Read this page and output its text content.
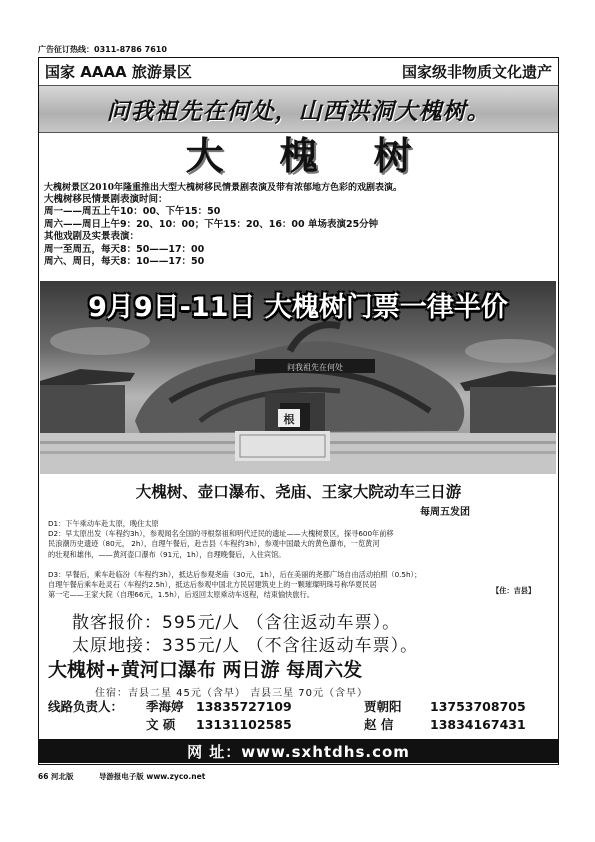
广告征订热线：0311-8786 7610
国家 AAAA 旅游景区	国家级非物质文化遗产
问我祖先在何处，山西洪洞大槐树。
大槐树
大槐树景区2010年隆重推出大型大槐树移民情景剧表演及带有浓郁地方色彩的戏剧表演。
大槐树移民情景剧表演时间：
周一——周五上午10：00、下午15：50
周六——周日上午9：20、10：00；下午15：20、16：00 单场表演25分钟
其他戏剧及实景表演：
周一至周五，每天8：50——17：00
周六、周日，每天8：10——17：50
问我祖先在何处
根
9月9日-11日 大槐树门票一律半价
大槐树、壶口瀑布、尧庙、王家大院动车三日游
每周五发团
D1：下午乘动车赴太原，晚住太原
D2：早太原出发（车程约3h），参观闻名全国的寻根祭祖和明代迁民的遗址——大槐树景区，探寻600年前移
民浪潮历史遗迹（80元， 2h），自理午餐后，赴吉县（车程约3h），参观中国最大的黄色瀑布，一览黄河
的壮观和雄伟，——黄河壶口瀑布（91元，1h），自理晚餐后，入住宾馆。
D3：早餐后，乘车赴临汾（车程约3h），抵达后参观尧庙（30元，1h），后在美丽的尧都广场自由活动拍照（0.5h）；
自理午餐后乘车赴灵石（车程约2.5h），抵达后参观中国北方民居建筑史上的一颗璀璨明珠号称华夏民居
第一宅——王家大院（自理66元，1.5h），后返回太原乘动车返程，结束愉快旅行。	【住：吉县】
散客报价：595元/人 （含往返动车票）。
太原地接：335元/人 （不含往返动车票）。
大槐树+黄河口瀑布 两日游 每周六发
住宿：吉县二星 45元（含早） 吉县三星 70元（含早）
线路负责人：	季海婷 13835727109	贾朝阳	13753708705
文 硕	13131102585	赵 信	13834167431
网 址：www.sxhtdhs.com
66 河北版	导游报电子版 www.zyco.net
